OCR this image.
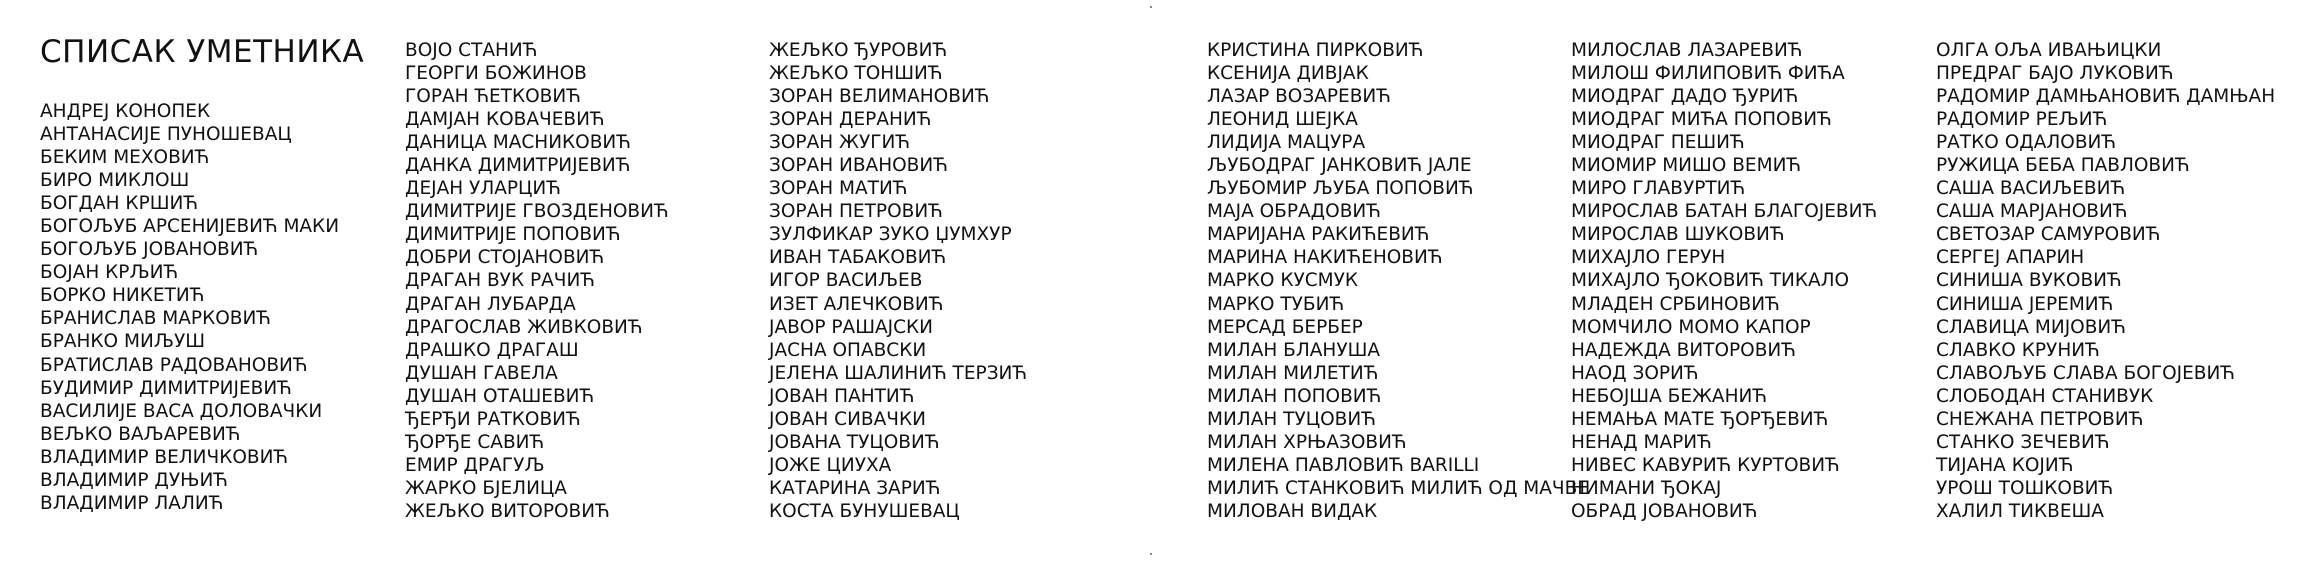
СПИСАК УМЕТНИКА
АНДРЕЈ КОНОПЕК
АНТАНАСИЈЕ ПУНОШЕВАЦ
БЕКИМ МЕХОВИЋ
БИРО МИКЛОШ
БОГДАН КРШИЋ
БОГОЉУБ АРСЕНИЈЕВИЋ МАКИ
БОГОЉУБ ЈОВАНОВИЋ
БОЈАН КРЉИЋ
БОРКО НИКЕТИЋ
БРАНИСЛАВ МАРКОВИЋ
БРАНКО МИЉУШ
БРАТИСЛАВ РАДОВАНОВИЋ
БУДИМИР ДИМИТРИЈЕВИЋ
ВАСИЛИЈЕ ВАСА ДОЛОВАЧКИ
ВЕЉКО ВАЉАРЕВИЋ
ВЛАДИМИР ВЕЛИЧКОВИЋ
ВЛАДИМИР ДУЊИЋ
ВЛАДИМИР ЛАЛИЋ
ВОЈО СТАНИЋ
ГЕОРГИ БОЖИНОВ
ГОРАН ЋЕТКОВИЋ
ДАМЈАН КОВАЧЕВИЋ
ДАНИЦА МАСНИКОВИЋ
ДАНКА ДИМИТРИЈЕВИЋ
ДЕЈАН УЛАРЦИЋ
ДИМИТРИЈЕ ГВОЗДЕНОВИЋ
ДИМИТРИЈЕ ПОПОВИЋ
ДОБРИ СТОЈАНОВИЋ
ДРАГАН ВУК РАЧИЋ
ДРАГАН ЛУБАРДА
ДРАГОСЛАВ ЖИВКОВИЋ
ДРАШКО ДРАГАШ
ДУШАН ГАВЕЛА
ДУШАН ОТАШЕВИЋ
ЂЕРЂИ РАТКОВИЋ
ЂОРЂЕ САВИЋ
ЕМИР ДРАГУЉ
ЖАРКО БЈЕЛИЦА
ЖЕЉКО ВИТОРОВИЋ
ЖЕЉКО ЂУРОВИЋ
ЖЕЉКО ТОНШИЋ
ЗОРАН ВЕЛИМАНОВИЋ
ЗОРАН ДЕРАНИЋ
ЗОРАН ЖУГИЋ
ЗОРАН ИВАНОВИЋ
ЗОРАН МАТИЋ
ЗОРАН ПЕТРОВИЋ
ЗУЛФИКАР ЗУКО ЏУМХУР
ИВАН ТАБАКОВИЋ
ИГОР ВАСИЉЕВ
ИЗЕТ АЛЕЧКОВИЋ
ЈАВОР РАШАЈСКИ
ЈАСНА ОПАВСКИ
ЈЕЛЕНА ШАЛИНИЋ ТЕРЗИЋ
ЈОВАН ПАНТИЋ
ЈОВАН СИВАЧКИ
ЈОВАНА ТУЦОВИЋ
ЈОЖЕ ЦИУХА
КАТАРИНА ЗАРИЋ
КОСТА БУНУШЕВАЦ
КРИСТИНА ПИРКОВИЋ
КСЕНИЈА ДИВЈАК
ЛАЗАР ВОЗАРЕВИЋ
ЛЕОНИД ШЕЈКА
ЛИДИЈА МАЦУРА
ЉУБОДРАГ ЈАНКОВИЋ ЈАЛЕ
ЉУБОМИР ЉУБА ПОПОВИЋ
МАЈА ОБРАДОВИЋ
МАРИЈАНА РАКИЋЕВИЋ
МАРИНА НАКИЋЕНОВИЋ
МАРКО КУСМУК
МАРКО ТУБИЋ
МЕРСАД БЕРБЕР
МИЛАН БЛАНУША
МИЛАН МИЛЕТИЋ
МИЛАН ПОПОВИЋ
МИЛАН ТУЦОВИЋ
МИЛАН ХРЊАЗОВИЋ
МИЛЕНА ПАВЛОВИЋ BARILLI
МИЛИЋ СТАНКОВИЋ МИЛИЋ ОД МАЧВЕ
МИЛОВАН ВИДАК
МИЛОСЛАВ ЛАЗАРЕВИЋ
МИЛОШ ФИЛИПОВИЋ ФИЋА
МИОДРАГ ДАДО ЂУРИЋ
МИОДРАГ МИЋА ПОПОВИЋ
МИОДРАГ ПЕШИЋ
МИОМИР МИШО ВЕМИЋ
МИРО ГЛАВУРТИЋ
МИРОСЛАВ БАТАН БЛАГОЈЕВИЋ
МИРОСЛАВ ШУКОВИЋ
МИХАЈЛО ГЕРУН
МИХАЈЛО ЂОКОВИЋ ТИКАЛО
МЛАДЕН СРБИНОВИЋ
МОМЧИЛО МОМО КАПОР
НАДЕЖДА ВИТОРОВИЋ
НАОД ЗОРИЋ
НЕБОЈША БЕЖАНИЋ
НЕМАЊА МАТЕ ЂОРЂЕВИЋ
НЕНАД МАРИЋ
НИВЕС КАВУРИЋ КУРТОВИЋ
НИМАНИ ЂОКАЈ
ОБРАД ЈОВАНОВИЋ
ОЛГА ОЉА ИВАЊИЦКИ
ПРЕДРАГ БАЈО ЛУКОВИЋ
РАДОМИР ДАМЊАНОВИЋ ДАМЊАН
РАДОМИР РЕЉИЋ
РАТКО ОДАЛОВИЋ
РУЖИЦА БЕБА ПАВЛОВИЋ
САША ВАСИЉЕВИЋ
САША МАРЈАНОВИЋ
СВЕТОЗАР САМУРОВИЋ
СЕРГЕЈ АПАРИН
СИНИША ВУКОВИЋ
СИНИША ЈЕРЕМИЋ
СЛАВИЦА МИЈОВИЋ
СЛАВКО КРУНИЋ
СЛАВОЉУБ СЛАВА БОГОЈЕВИЋ
СЛОБОДАН СТАНИВУК
СНЕЖАНА ПЕТРОВИЋ
СТАНКО ЗЕЧЕВИЋ
ТИЈАНА КОЈИЋ
УРОШ ТОШКОВИЋ
ХАЛИЛ ТИКВЕША
